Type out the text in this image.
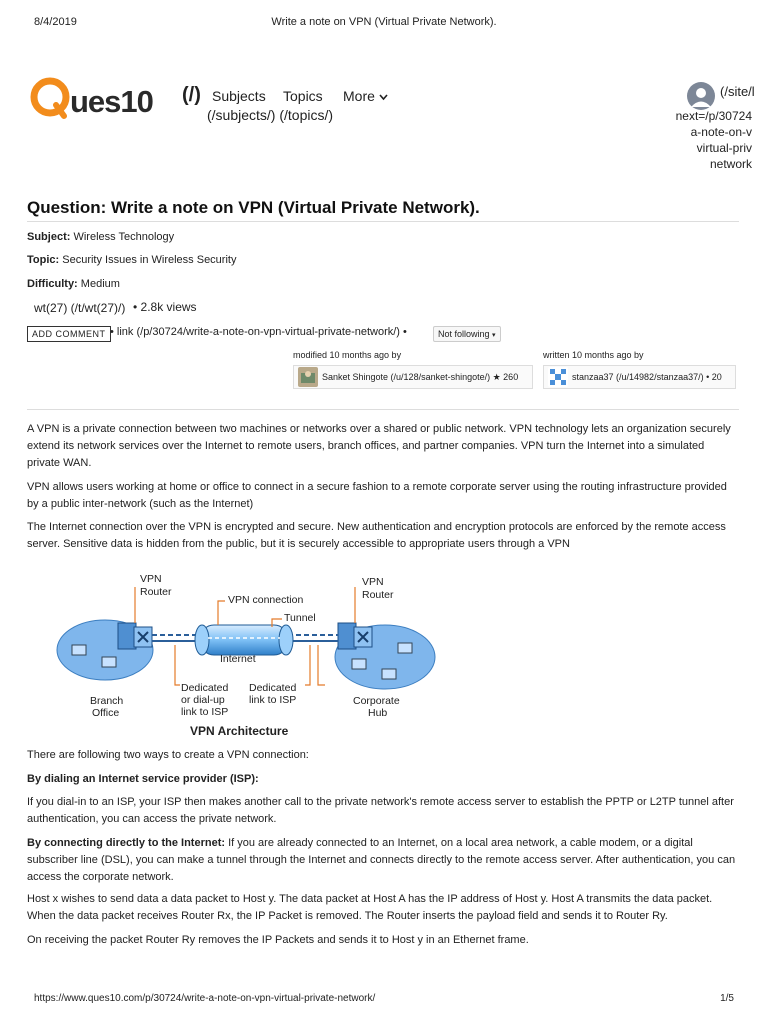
8/4/2019	Write a note on VPN (Virtual Private Network).
ues10 (/) Subjects Topics More
(/subjects/) (/topics/)
(/site/l
next=/p/30724
a-note-on-v
virtual-priv
network
Question: Write a note on VPN (Virtual Private Network).
Subject: Wireless Technology
Topic: Security Issues in Wireless Security
Difficulty: Medium
wt(27) (/t/wt(27)/) • 2.8k views
ADD COMMENT • link (/p/30724/write-a-note-on-vpn-virtual-private-network/) •	Not following ▾
modified 10 months ago by
Sanket Shingote (/u/128/sanket-shingote/) ★ 260
written 10 months ago by
stanzaa37 (/u/14982/stanzaa37/) • 20
A VPN is a private connection between two machines or networks over a shared or public network. VPN technology lets an organization securely extend its network services over the Internet to remote users, branch offices, and partner companies. VPN turn the Internet into a simulated private WAN.
VPN allows users working at home or office to connect in a secure fashion to a remote corporate server using the routing infrastructure provided by a public inter-network (such as the Internet)
The Internet connection over the VPN is encrypted and secure. New authentication and encryption protocols are enforced by the remote access server. Sensitive data is hidden from the public, but it is securely accessible to appropriate users through a VPN
VPN
Router
VPN
Router
VPN connection
Tunnel
Internet
Branch
Office
Corporate
Hub
Dedicated
or dial-up
link to ISP
Dedicated
link to ISP
VPN Architecture
There are following two ways to create a VPN connection:
By dialing an Internet service provider (ISP):
If you dial-in to an ISP, your ISP then makes another call to the private network's remote access server to establish the PPTP or L2TP tunnel after authentication, you can access the private network.
By connecting directly to the Internet: If you are already connected to an Internet, on a local area network, a cable modem, or a digital subscriber line (DSL), you can make a tunnel through the Internet and connects directly to the remote access server. After authentication, you can access the corporate network.
Host x wishes to send data a data packet to Host y. The data packet at Host A has the IP address of Host y. Host A transmits the data packet. When the data packet receives Router Rx, the IP Packet is removed. The Router inserts the payload field and sends it to Router Ry.
On receiving the packet Router Ry removes the IP Packets and sends it to Host y in an Ethernet frame.
https://www.ques10.com/p/30724/write-a-note-on-vpn-virtual-private-network/	1/5
